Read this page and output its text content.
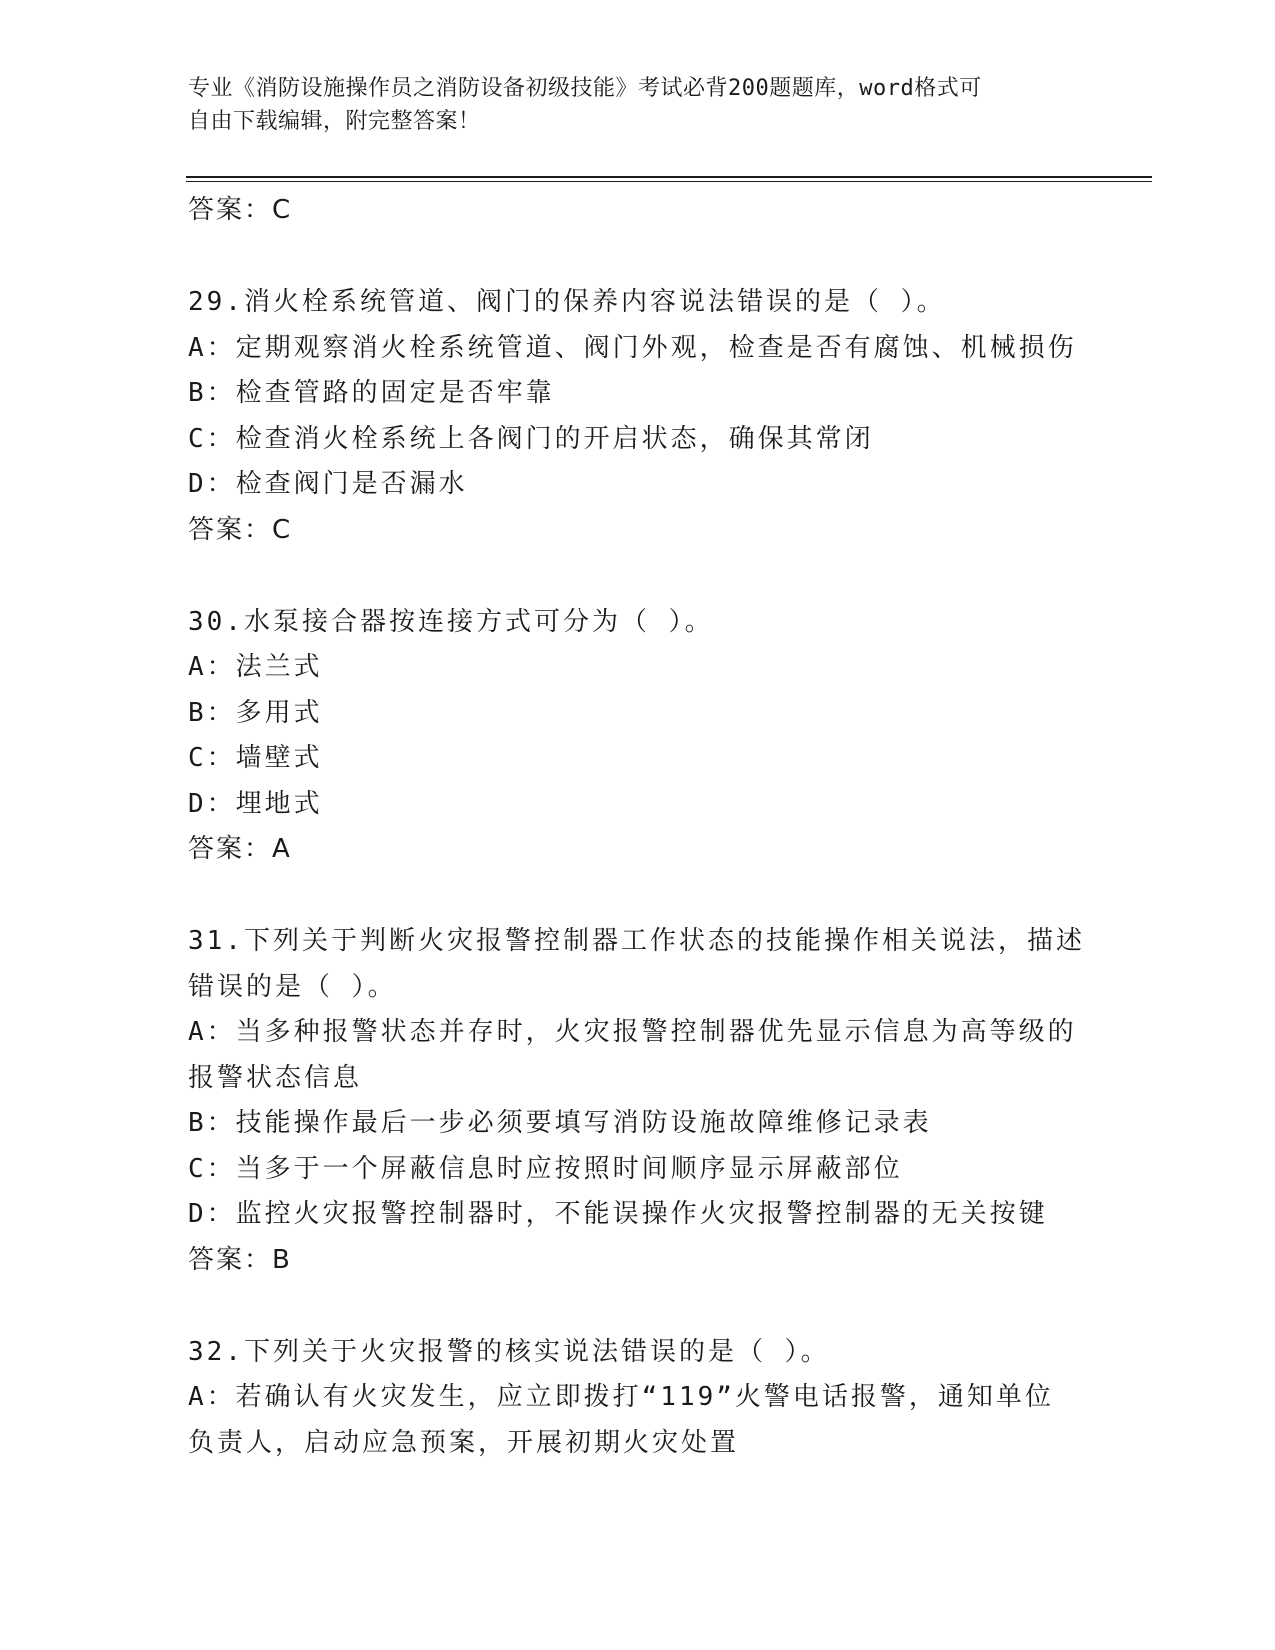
专业《消防设施操作员之消防设备初级技能》考试必背200题题库，word格式可
自由下载编辑，附完整答案！
答案：C
29.消火栓系统管道、阀门的保养内容说法错误的是（ ）。
A：定期观察消火栓系统管道、阀门外观，检查是否有腐蚀、机械损伤
B：检查管路的固定是否牢靠
C：检查消火栓系统上各阀门的开启状态，确保其常闭
D：检查阀门是否漏水
答案：C
30.水泵接合器按连接方式可分为（ ）。
A：法兰式
B：多用式
C：墙壁式
D：埋地式
答案：A
31.下列关于判断火灾报警控制器工作状态的技能操作相关说法，描述
错误的是（ ）。
A：当多种报警状态并存时，火灾报警控制器优先显示信息为高等级的
报警状态信息
B：技能操作最后一步必须要填写消防设施故障维修记录表
C：当多于一个屏蔽信息时应按照时间顺序显示屏蔽部位
D：监控火灾报警控制器时，不能误操作火灾报警控制器的无关按键
答案：B
32.下列关于火灾报警的核实说法错误的是（ ）。
A：若确认有火灾发生，应立即拨打“119”火警电话报警，通知单位
负责人，启动应急预案，开展初期火灾处置
